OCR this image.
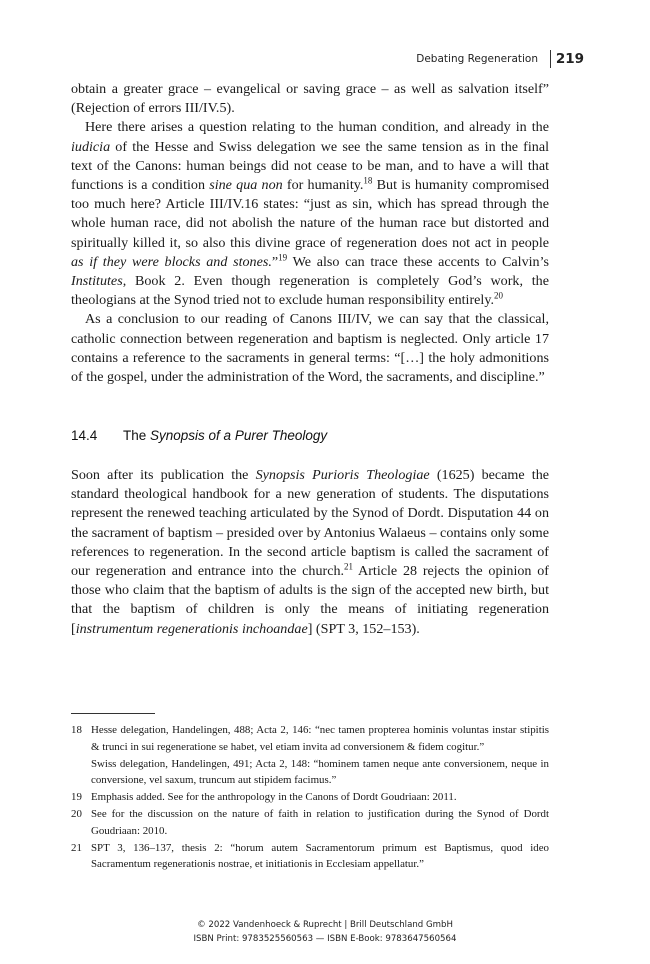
Debating Regeneration 219

obtain a greater grace – evangelical or saving grace – as well as salvation itself” (Rejection of errors III/IV.5).

Here there arises a question relating to the human condition, and already in the iudicia of the Hesse and Swiss delegation we see the same tension as in the final text of the Canons: human beings did not cease to be man, and to have a will that functions is a condition sine qua non for humanity.$^{18}$ But is humanity compromised too much here? Article III/IV.16 states: “just as sin, which has spread through the whole human race, did not abolish the nature of the human race but distorted and spiritually killed it, so also this divine grace of regeneration does not act in people as if they were blocks and stones.”$^{19}$ We also can trace these accents to Calvin’s Institutes, Book 2. Even though regeneration is completely God’s work, the theologians at the Synod tried not to exclude human responsibility entirely.$^{20}$

As a conclusion to our reading of Canons III/IV, we can say that the classical, catholic connection between regeneration and baptism is neglected. Only article 17 contains a reference to the sacraments in general terms: “[…] the holy admonitions of the gospel, under the administration of the Word, the sacraments, and discipline.”

14.4 The Synopsis of a Purer Theology

Soon after its publication the Synopsis Purioris Theologiae (1625) became the standard theological handbook for a new generation of students. The disputations represent the renewed teaching articulated by the Synod of Dordt. Disputation 44 on the sacrament of baptism – presided over by Antonius Walaeus – contains only some references to regeneration. In the second article baptism is called the sacrament of our regeneration and entrance into the church.$^{21}$ Article 28 rejects the opinion of those who claim that the baptism of adults is the sign of the accepted new birth, but that the baptism of children is only the means of initiating regeneration [instrumentum regenerationis inchoandae] (SPT 3, 152–153).

18 Hesse delegation, Handelingen, 488; Acta 2, 146: “nec tamen propterea hominis voluntas instar stipitis & trunci in sui regeneratione se habet, vel etiam invita ad conversionem & fidem cogitur.”

Swiss delegation, Handelingen, 491; Acta 2, 148: “hominem tamen neque ante conversionem, neque in conversione, vel saxum, truncum aut stipidem facimus.”

19 Emphasis added. See for the anthropology in the Canons of Dordt Goudriaan: 2011.

20 See for the discussion on the nature of faith in relation to justification during the Synod of Dordt Goudriaan: 2010.

21 SPT 3, 136–137, thesis 2: “horum autem Sacramentorum primum est Baptismus, quod ideo Sacramentum regenerationis nostrae, et initiationis in Ecclesiam appellatur.”

© 2022 Vandenhoeck & Ruprecht | Brill Deutschland GmbH
ISBN Print: 9783525560563 — ISBN E-Book: 9783647560564
